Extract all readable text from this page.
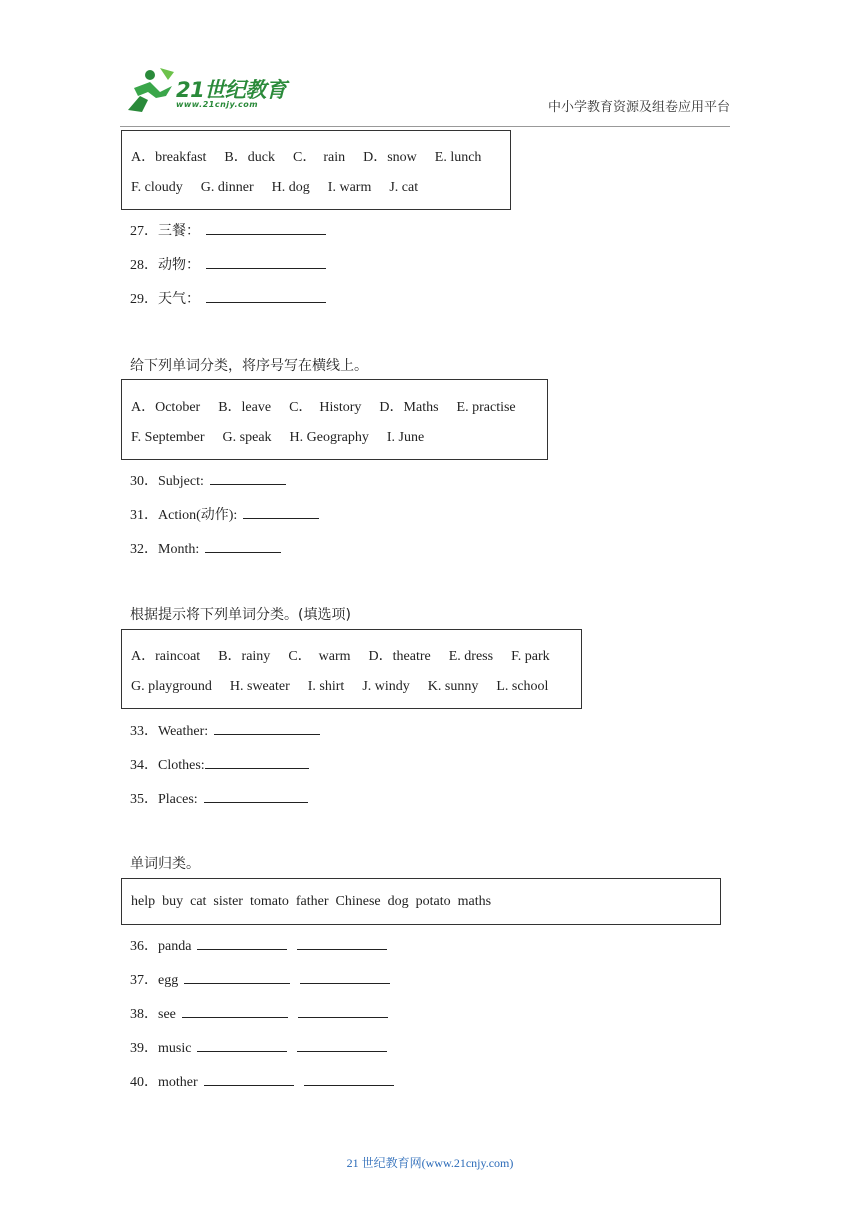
21世纪教育
www.21cnjy.com	中小学教育资源及组卷应用平台
A．breakfast B．duck C．　rain D．snow E. lunch
F. cloudy G. dinner H. dog I. warm J. cat
27．三餐：
28．动物：
29．天气：
给下列单词分类，将序号写在横线上。
A．October B．leave C．　History D．Maths E. practise
F. September G. speak H. Geography I. June
30．Subject:
31．Action(动作):
32．Month:
根据提示将下列单词分类。(填选项)
A．raincoat B．rainy C．　warm D．theatre E. dress F. park
G. playground H. sweater I. shirt J. windy K. sunny L. school
33．Weather:
34．Clothes:
35．Places:
单词归类。
help  buy  cat  sister  tomato  father  Chinese  dog  potato  maths
36．panda
37．egg
38．see
39．music
40．mother
21 世纪教育网(www.21cnjy.com)
